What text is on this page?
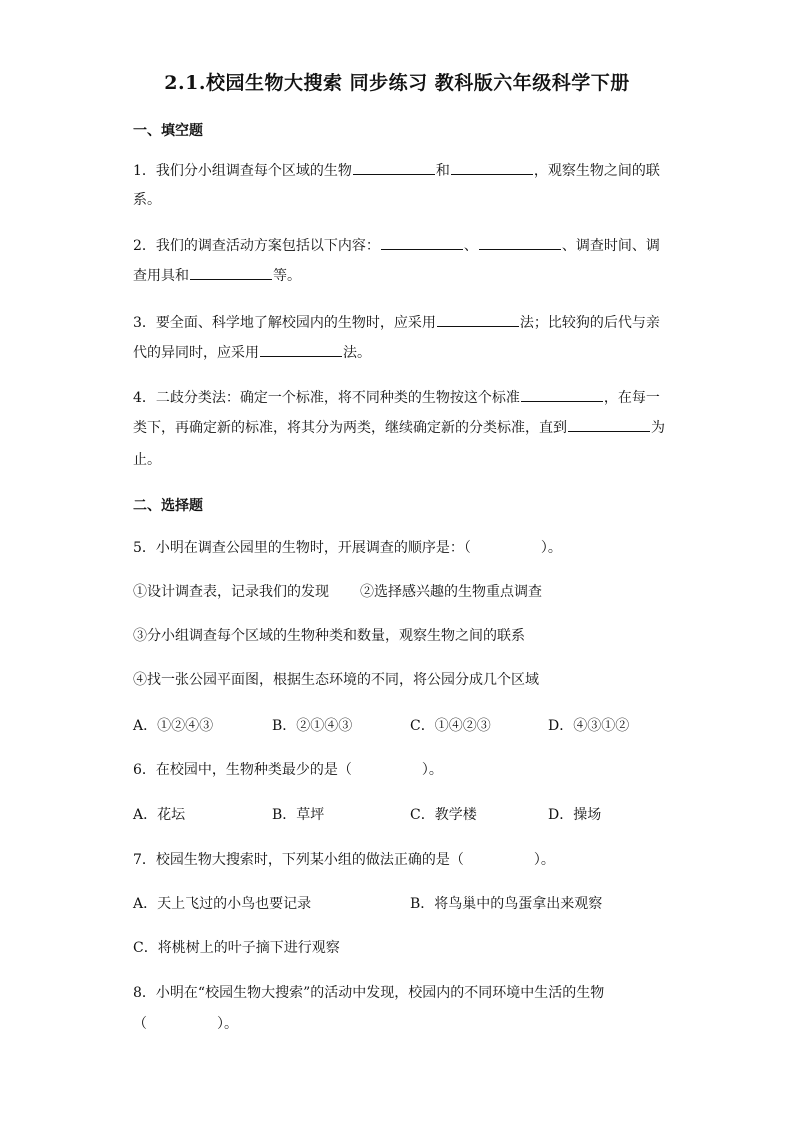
2.1.校园生物大搜索 同步练习 教科版六年级科学下册
一、填空题
1．我们分小组调查每个区域的生物	和	，观察生物之间的联
系。
2．我们的调查活动方案包括以下内容：	、	、调查时间、调
查用具和	等。
3．要全面、科学地了解校园内的生物时，应采用	法；比较狗的后代与亲
代的异同时，应采用	法。
4．二歧分类法：确定一个标准，将不同种类的生物按这个标准	，在每一
类下，再确定新的标准，将其分为两类，继续确定新的分类标准，直到	为
止。
二、选择题
5．小明在调查公园里的生物时，开展调查的顺序是：（　　　　　）。
①设计调查表，记录我们的发现 ②选择感兴趣的生物重点调查
③分小组调查每个区域的生物种类和数量，观察生物之间的联系
④找一张公园平面图，根据生态环境的不同，将公园分成几个区域
A．①②④③	B．②①④③	C．①④②③	D．④③①②
6．在校园中，生物种类最少的是（　　　　　）。
A．花坛	B．草坪	C．教学楼	D．操场
7．校园生物大搜索时，下列某小组的做法正确的是（　　　　　）。
A．天上飞过的小鸟也要记录	B．将鸟巢中的鸟蛋拿出来观察
C．将桃树上的叶子摘下进行观察
8．小明在“校园生物大搜索”的活动中发现，校园内的不同环境中生活的生物
（　　　　　）。
